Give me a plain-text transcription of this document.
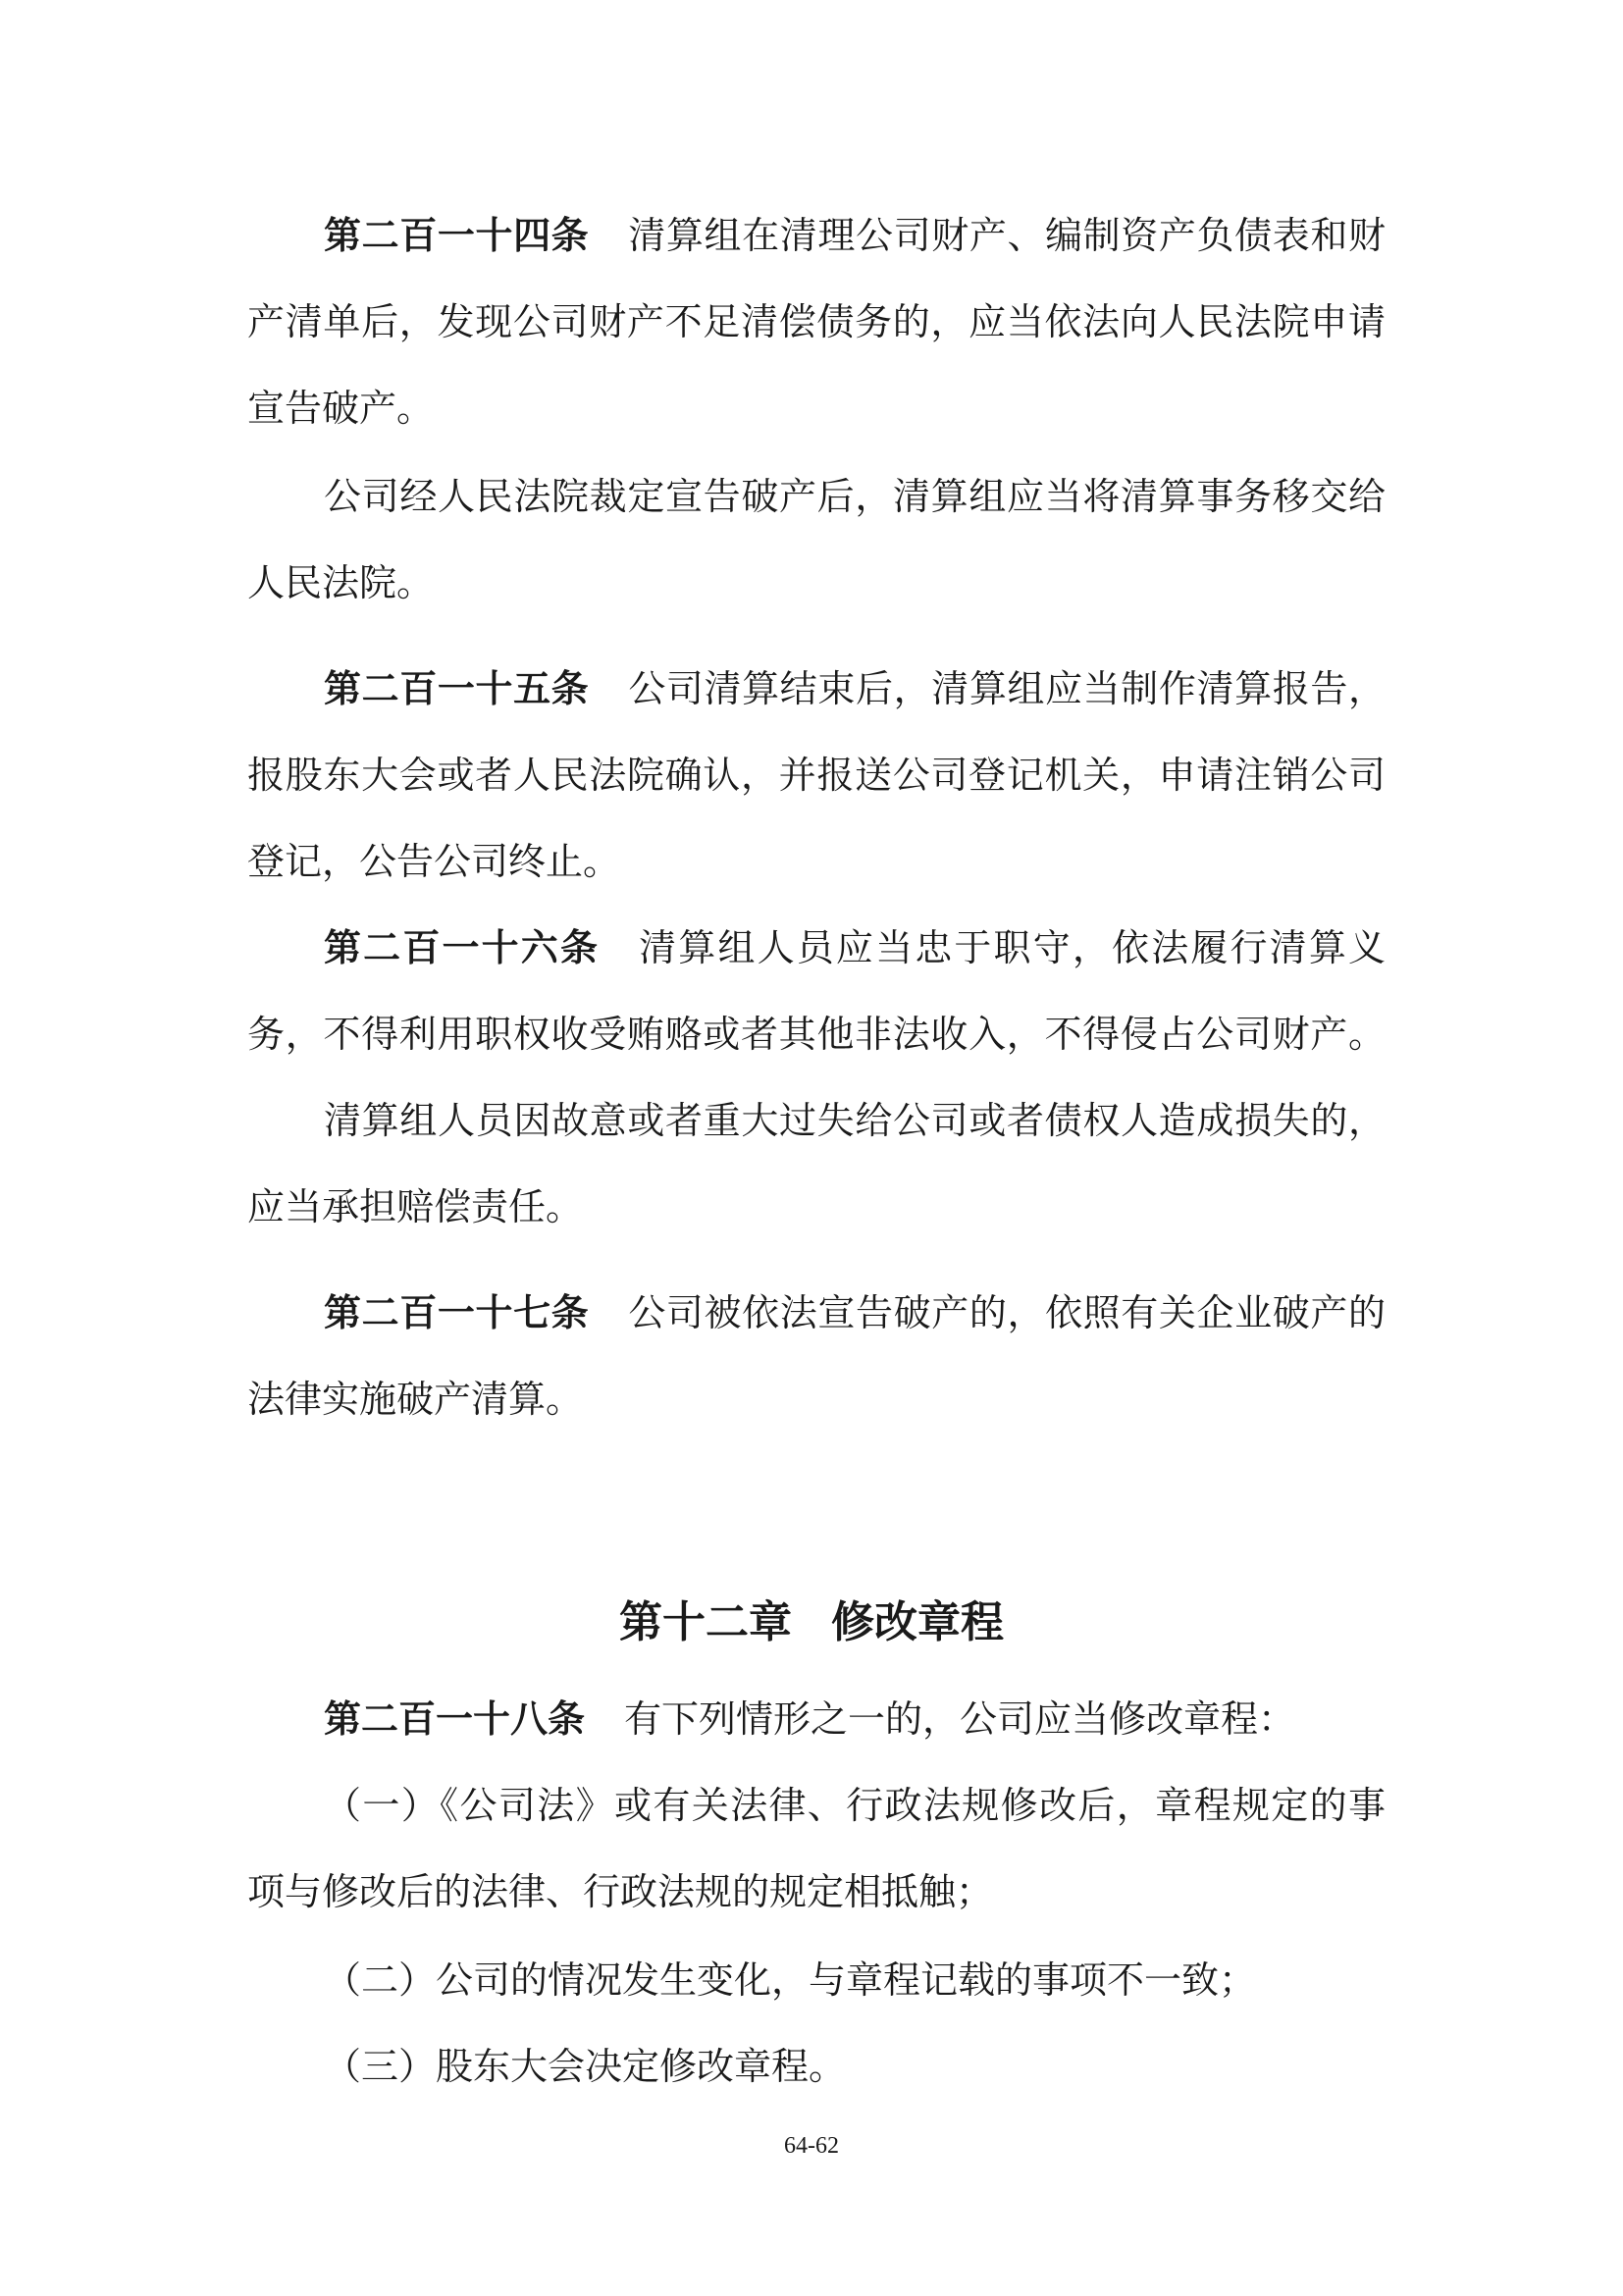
第二百一十四条 清算组在清理公司财产、编制资产负债表和财
产清单后，发现公司财产不足清偿债务的，应当依法向人民法院申请
宣告破产。
公司经人民法院裁定宣告破产后，清算组应当将清算事务移交给
人民法院。
第二百一十五条 公司清算结束后，清算组应当制作清算报告，
报股东大会或者人民法院确认，并报送公司登记机关，申请注销公司
登记，公告公司终止。
第二百一十六条 清算组人员应当忠于职守，依法履行清算义
务，不得利用职权收受贿赂或者其他非法收入，不得侵占公司财产。
清算组人员因故意或者重大过失给公司或者债权人造成损失的，
应当承担赔偿责任。
第二百一十七条 公司被依法宣告破产的，依照有关企业破产的
法律实施破产清算。
第十二章 修改章程
第二百一十八条 有下列情形之一的，公司应当修改章程：
（一）《公司法》或有关法律、行政法规修改后，章程规定的事
项与修改后的法律、行政法规的规定相抵触；
（二）公司的情况发生变化，与章程记载的事项不一致；
（三）股东大会决定修改章程。
64-62
